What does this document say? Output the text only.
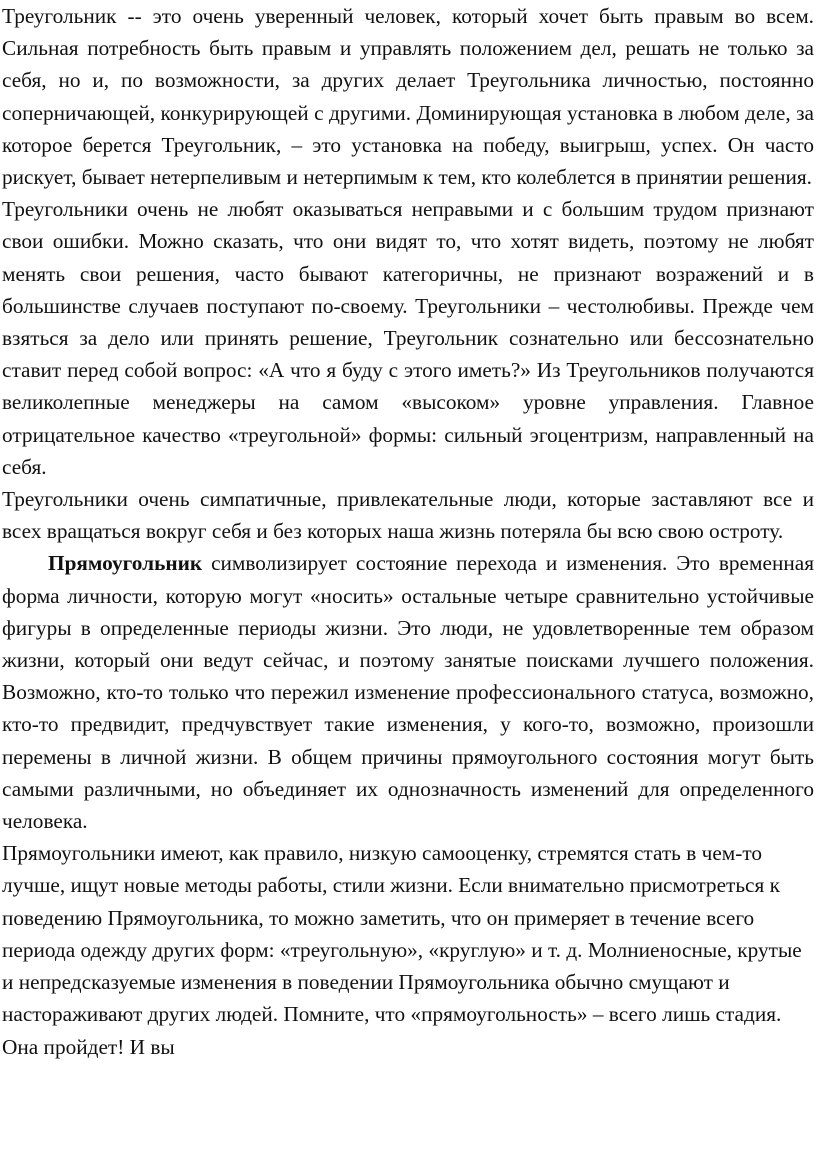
Треугольник -- это очень уверенный человек, который хочет быть правым во всем. Сильная потребность быть правым и управлять положением дел, решать не только за себя, но и, по возможности, за других делает Треугольника личностью, постоянно соперничающей, конкурирующей с другими. Доминирующая установка в любом деле, за которое берется Треугольник, – это установка на победу, выигрыш, успех. Он часто рискует, бывает нетерпеливым и нетерпимым к тем, кто колеблется в принятии решения.

Треугольники очень не любят оказываться неправыми и с большим трудом признают свои ошибки. Можно сказать, что они видят то, что хотят видеть, поэтому не любят менять свои решения, часто бывают категоричны, не признают возражений и в большинстве случаев поступают по-своему. Треугольники – честолюбивы. Прежде чем взяться за дело или принять решение, Треугольник сознательно или бессознательно ставит перед собой вопрос: «А что я буду с этого иметь?» Из Треугольников получаются великолепные менеджеры на самом «высоком» уровне управления. Главное отрицательное качество «треугольной» формы: сильный эгоцентризм, направленный на себя.

Треугольники очень симпатичные, привлекательные люди, которые заставляют все и всех вращаться вокруг себя и без которых наша жизнь потеряла бы всю свою остроту.

Прямоугольник символизирует состояние перехода и изменения. Это временная форма личности, которую могут «носить» остальные четыре сравнительно устойчивые фигуры в определенные периоды жизни. Это люди, не удовлетворенные тем образом жизни, который они ведут сейчас, и поэтому занятые поисками лучшего положения. Возможно, кто-то только что пережил изменение профессионального статуса, возможно, кто-то предвидит, предчувствует такие изменения, у кого-то, возможно, произошли перемены в личной жизни. В общем причины прямоугольного состояния могут быть самыми различными, но объединяет их однозначность изменений для определенного человека.

Прямоугольники имеют, как правило, низкую самооценку, стремятся стать в чем-то лучше, ищут новые методы работы, стили жизни. Если внимательно присмотреться к поведению Прямоугольника, то можно заметить, что он примеряет в течение всего периода одежду других форм: «треугольную», «круглую» и т. д. Молниеносные, крутые и непредсказуемые изменения в поведении Прямоугольника обычно смущают и настораживают других людей. Помните, что «прямоугольность» – всего лишь стадия. Она пройдет! И вы
